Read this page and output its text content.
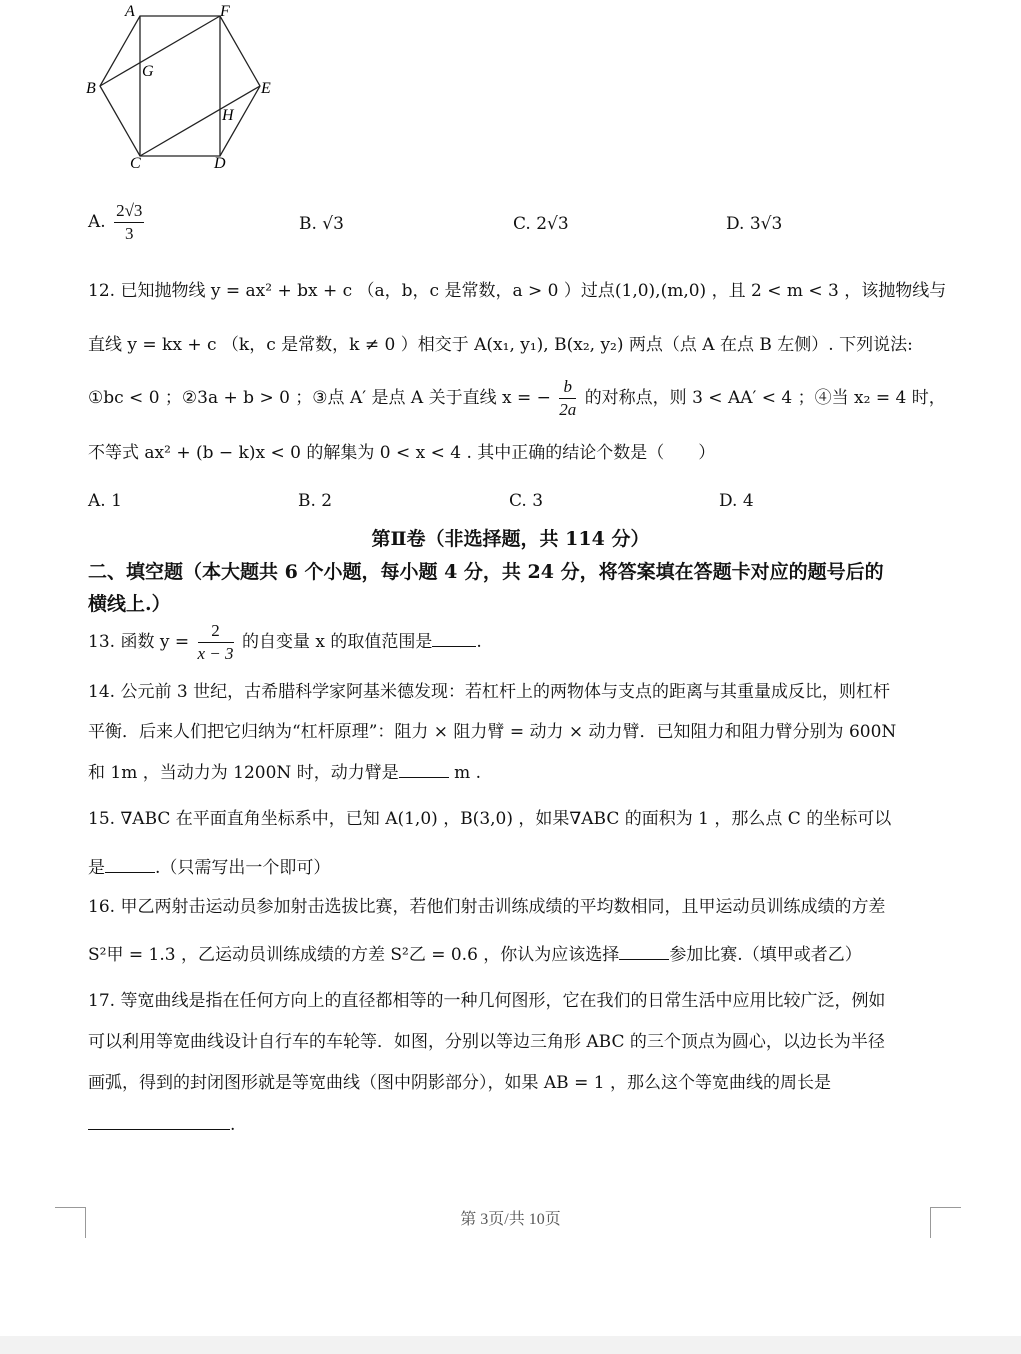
A	F
B	E
C	D
G
H
A. $\frac{2√3}{3}$	B. √3	C. 2√3	D. 3√3
12. 已知抛物线 y = ax² + bx + c （a，b，c 是常数，a > 0 ）过点(1,0),(m,0) ，且 2 < m < 3 ，该抛物线与
直线 y = kx + c （k，c 是常数，k ≠ 0 ）相交于 A(x₁, y₁), B(x₂, y₂) 两点（点 A 在点 B 左侧）. 下列说法:
①bc < 0 ；②3a + b > 0 ；③点 A′ 是点 A 关于直线 x = − $\frac{b}{2a}$ 的对称点，则 3 < AA′ < 4 ；④当 x₂ = 4 时，
不等式 ax² + (b − k)x < 0 的解集为 0 < x < 4 . 其中正确的结论个数是（　　）
A. 1	B. 2	C. 3	D. 4
第Ⅱ卷（非选择题，共 114 分）
二、填空题（本大题共 6 个小题，每小题 4 分，共 24 分，将答案填在答题卡对应的题号后的
横线上.）
13. 函数 $y = \frac{2}{x - 3}$ 的自变量 x 的取值范围是	.
14. 公元前 3 世纪，古希腊科学家阿基米德发现：若杠杆上的两物体与支点的距离与其重量成反比，则杠杆
平衡．后来人们把它归纳为“杠杆原理”：阻力 × 阻力臂 = 动力 × 动力臂．已知阻力和阻力臂分别为 600N
和 1m ，当动力为 1200N 时，动力臂是	m .
15. ∇ABC 在平面直角坐标系中，已知 A(1,0) ，B(3,0) ，如果∇ABC 的面积为 1 ，那么点 C 的坐标可以
是	.（只需写出一个即可）
16. 甲乙两射击运动员参加射击选拔比赛，若他们射击训练成绩的平均数相同，且甲运动员训练成绩的方差
S²甲 = 1.3 ，乙运动员训练成绩的方差 S²乙 = 0.6 ，你认为应该选择	参加比赛.（填甲或者乙）
17. 等宽曲线是指在任何方向上的直径都相等的一种几何图形，它在我们的日常生活中应用比较广泛，例如
可以利用等宽曲线设计自行车的车轮等．如图，分别以等边三角形 ABC 的三个顶点为圆心，以边长为半径
画弧，得到的封闭图形就是等宽曲线（图中阴影部分），如果 AB = 1 ，那么这个等宽曲线的周长是
.
第 3页/共 10页
